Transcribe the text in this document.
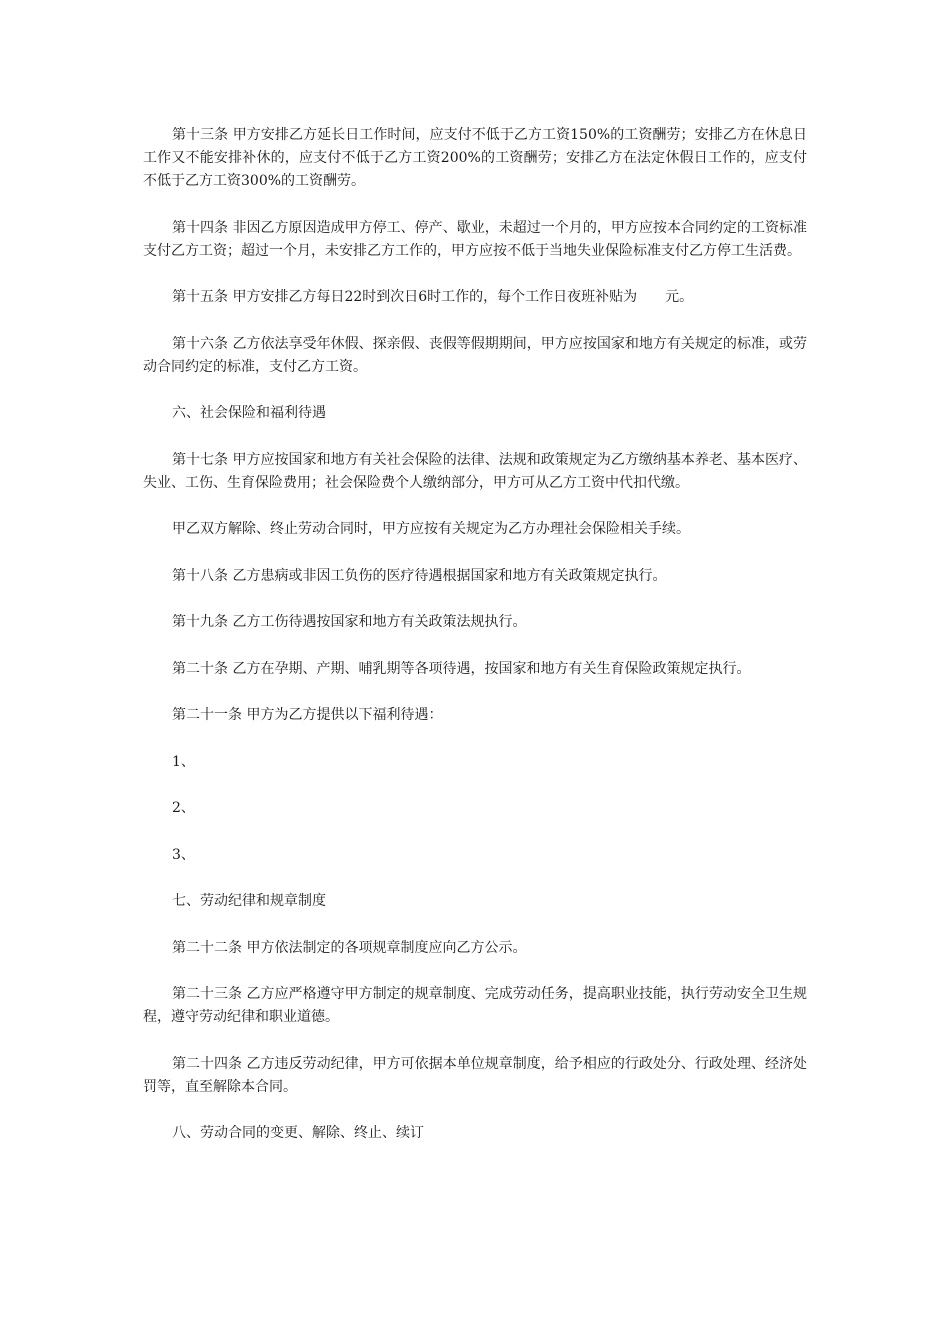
第十三条 甲方安排乙方延长日工作时间，应支付不低于乙方工资150%的工资酬劳；安排乙方在休息日工作又不能安排补休的，应支付不低于乙方工资200%的工资酬劳；安排乙方在法定休假日工作的，应支付不低于乙方工资300%的工资酬劳。

第十四条 非因乙方原因造成甲方停工、停产、歇业，未超过一个月的，甲方应按本合同约定的工资标准支付乙方工资；超过一个月，未安排乙方工作的，甲方应按不低于当地失业保险标准支付乙方停工生活费。

第十五条 甲方安排乙方每日22时到次日6时工作的，每个工作日夜班补贴为　　元。

第十六条 乙方依法享受年休假、探亲假、丧假等假期期间，甲方应按国家和地方有关规定的标准，或劳动合同约定的标准，支付乙方工资。

六、社会保险和福利待遇

第十七条 甲方应按国家和地方有关社会保险的法律、法规和政策规定为乙方缴纳基本养老、基本医疗、失业、工伤、生育保险费用；社会保险费个人缴纳部分，甲方可从乙方工资中代扣代缴。

甲乙双方解除、终止劳动合同时，甲方应按有关规定为乙方办理社会保险相关手续。

第十八条 乙方患病或非因工负伤的医疗待遇根据国家和地方有关政策规定执行。

第十九条 乙方工伤待遇按国家和地方有关政策法规执行。

第二十条 乙方在孕期、产期、哺乳期等各项待遇，按国家和地方有关生育保险政策规定执行。

第二十一条 甲方为乙方提供以下福利待遇：

1、

2、

3、

七、劳动纪律和规章制度

第二十二条 甲方依法制定的各项规章制度应向乙方公示。

第二十三条 乙方应严格遵守甲方制定的规章制度、完成劳动任务，提高职业技能，执行劳动安全卫生规程，遵守劳动纪律和职业道德。

第二十四条 乙方违反劳动纪律，甲方可依据本单位规章制度，给予相应的行政处分、行政处理、经济处罚等，直至解除本合同。

八、劳动合同的变更、解除、终止、续订
